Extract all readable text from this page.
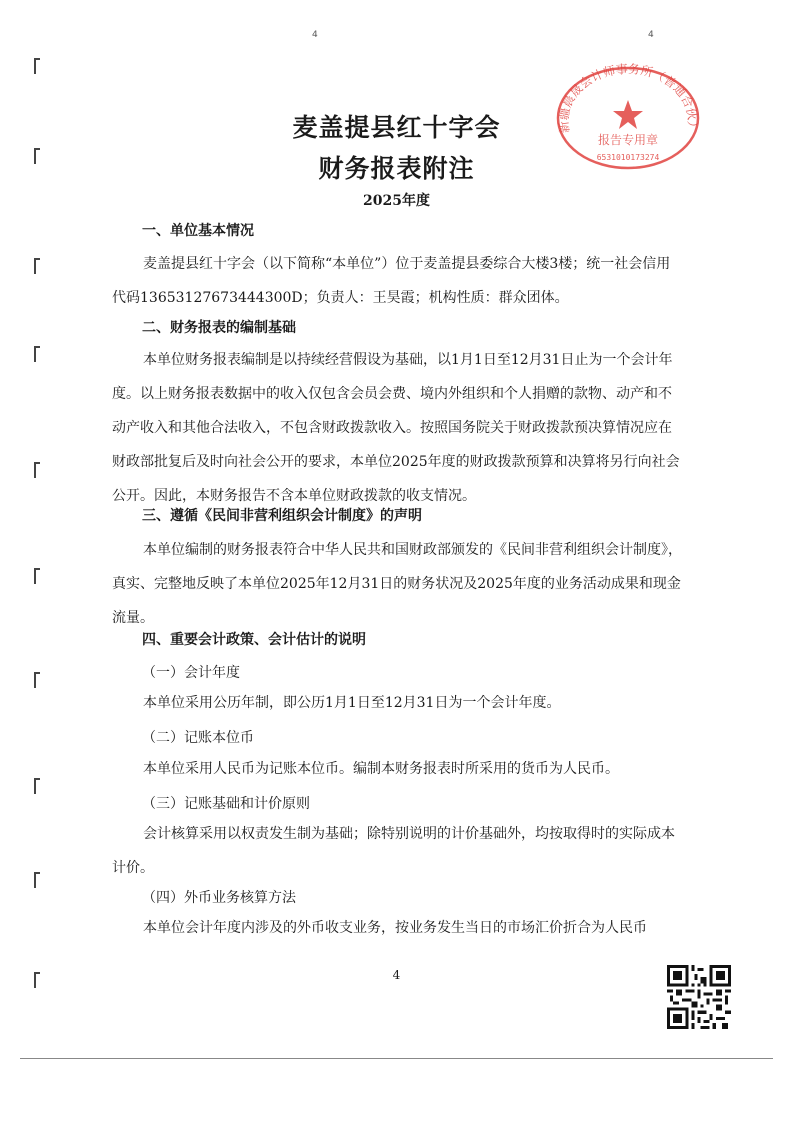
4	4
新疆晨晟会计师事务所（普通合伙）
报告专用章
6531010173274
麦盖提县红十字会
财务报表附注
2025年度
一、单位基本情况

麦盖提县红十字会（以下简称“本单位”）位于麦盖提县委综合大楼3楼；统一社会信用代码13653127673444300D；负责人：王昊霞；机构性质：群众团体。

二、财务报表的编制基础

本单位财务报表编制是以持续经营假设为基础，以1月1日至12月31日止为一个会计年度。以上财务报表数据中的收入仅包含会员会费、境内外组织和个人捐赠的款物、动产和不动产收入和其他合法收入，不包含财政拨款收入。按照国务院关于财政拨款预决算情况应在财政部批复后及时向社会公开的要求，本单位2025年度的财政拨款预算和决算将另行向社会公开。因此，本财务报告不含本单位财政拨款的收支情况。

三、遵循《民间非营利组织会计制度》的声明

本单位编制的财务报表符合中华人民共和国财政部颁发的《民间非营利组织会计制度》，真实、完整地反映了本单位2025年12月31日的财务状况及2025年度的业务活动成果和现金流量。

四、重要会计政策、会计估计的说明
（一）会计年度

本单位采用公历年制，即公历1月1日至12月31日为一个会计年度。

（二）记账本位币

本单位采用人民币为记账本位币。编制本财务报表时所采用的货币为人民币。

（三）记账基础和计价原则

会计核算采用以权责发生制为基础；除特别说明的计价基础外，均按取得时的实际成本计价。

（四）外币业务核算方法

本单位会计年度内涉及的外币收支业务，按业务发生当日的市场汇价折合为人民币

4
